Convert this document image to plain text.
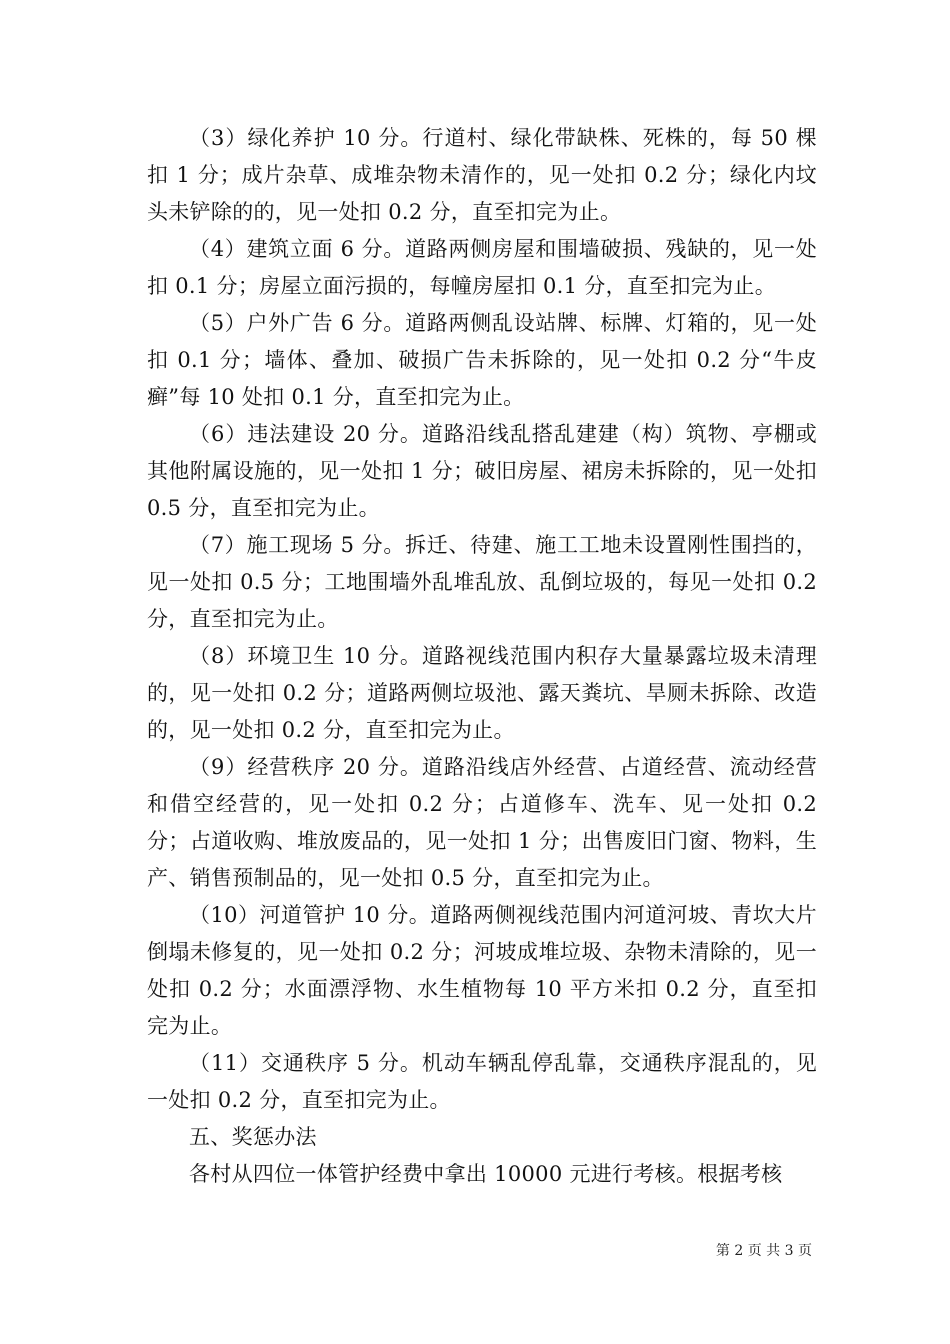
（3）绿化养护 10 分。行道村、绿化带缺株、死株的，每 50 棵扣 1 分；成片杂草、成堆杂物未清作的，见一处扣 0.2 分；绿化内坟头未铲除的的，见一处扣 0.2 分，直至扣完为止。

（4）建筑立面 6 分。道路两侧房屋和围墙破损、残缺的，见一处扣 0.1 分；房屋立面污损的，每幢房屋扣 0.1 分，直至扣完为止。

（5）户外广告 6 分。道路两侧乱设站牌、标牌、灯箱的，见一处扣 0.1 分；墙体、叠加、破损广告未拆除的，见一处扣 0.2 分“牛皮癣”每 10 处扣 0.1 分，直至扣完为止。

（6）违法建设 20 分。道路沿线乱搭乱建建（构）筑物、亭棚或其他附属设施的，见一处扣 1 分；破旧房屋、裙房未拆除的，见一处扣 0.5 分，直至扣完为止。

（7）施工现场 5 分。拆迁、待建、施工工地未设置刚性围挡的，见一处扣 0.5 分；工地围墙外乱堆乱放、乱倒垃圾的，每见一处扣 0.2 分，直至扣完为止。

（8）环境卫生 10 分。道路视线范围内积存大量暴露垃圾未清理的，见一处扣 0.2 分；道路两侧垃圾池、露天粪坑、旱厕未拆除、改造的，见一处扣 0.2 分，直至扣完为止。

（9）经营秩序 20 分。道路沿线店外经营、占道经营、流动经营和借空经营的，见一处扣 0.2 分；占道修车、洗车、见一处扣 0.2 分；占道收购、堆放废品的，见一处扣 1 分；出售废旧门窗、物料，生产、销售预制品的，见一处扣 0.5 分，直至扣完为止。

（10）河道管护 10 分。道路两侧视线范围内河道河坡、青坎大片倒塌未修复的，见一处扣 0.2 分；河坡成堆垃圾、杂物未清除的，见一处扣 0.2 分；水面漂浮物、水生植物每 10 平方米扣 0.2 分，直至扣完为止。

（11）交通秩序 5 分。机动车辆乱停乱靠，交通秩序混乱的，见一处扣 0.2 分，直至扣完为止。

五、奖惩办法

各村从四位一体管护经费中拿出 10000 元进行考核。根据考核

第 2 页 共 3 页
